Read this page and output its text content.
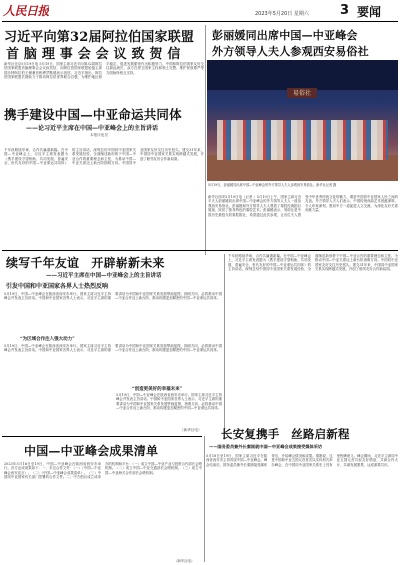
人民日报	2023年5月20日 星期六 3 要闻
习近平向第32届阿拉伯国家联盟
首 脑 理 事 会 会 议 致 贺 信
新华社北京5月19日电 5月19日，国家主席习近平向第32届阿拉伯国家联盟首脑理事会会议致贺信，向阿拉伯国家联盟轮值主席国沙特阿拉伯王储兼首相穆罕默德表示祝贺。习近平指出，阿拉伯国家联盟长期致力于推动阿拉伯世界联合自强，为维护地区和平稳定、促进发展繁荣作出积极努力。中国和阿拉伯国家友好交往源远流长，双方在捍卫国家主权和领土完整、维护民族尊严等方面始终相互支持。
彭丽媛同出席中国—中亚峰会
外方领导人夫人参观西安易俗社
易俗社
5月19日，彭丽媛同出席中国—中亚峰会的外方领导人夫人参观西安易俗社。新华社记者 摄
新华社西安5月19日电（记者 ）5月19日上午，国家主席习近平夫人彭丽媛同出席中国—中亚峰会的外方领导人夫人一道参观西安易俗社。彭丽媛和外方领导人夫人观看了秦腔经典剧目展演，欣赏了独具特色的秦腔艺术。彭丽媛表示，易俗社是中国历史最悠久的秦腔剧社，希望通过此次参观，让各位夫人感受中华优秀传统文化的魅力，增进中国同中亚国家人民之间的友谊。外方领导人夫人们表示，中国传统戏曲艺术底蕴深厚，令人印象深刻，愿同中方一道促进人文交流，为深化友好关系贡献力量。
携手建设中国—中亚命运共同体
——论习近平主席在中国—中亚峰会上的主旨讲话
本报评论员
千年丝路续华章，合作共赢谱新篇。在中国—中亚峰会上，习近平主席发表题为《携手建设守望相助、共同发展、普遍安全、世代友好的中国—中亚命运共同体》的主旨讲话，深刻总结中国同中亚国家关系发展经验，全面阐述新形势下中国—中亚合作的重要理念和主张，为推动中国—中亚关系迈上新台阶指明方向。中国同中亚国家友好交往历史悠久。建交31年来，中国同中亚国家关系实现跨越式发展，开创了睦邻友好合作新局面。
续写千年友谊　开辟崭新未来
——习近平主席在中国—中亚峰会上的主旨讲话
引发中国和中亚国家各界人士热烈反响
5月19日，中国—中亚峰会在陕西省西安市举行。国家主席习近平主持峰会并发表主旨讲话。中国和中亚国家各界人士表示，习近平主席的重要讲话为中国和中亚国家关系发展擘画蓝图，指明方向，必将推动中国—中亚合作迈上新台阶，推动构建更加紧密的中国—中亚命运共同体。
“为区域合作注入强大动力”
5月19日，中国—中亚峰会在陕西省西安市举行。国家主席习近平主持峰会并发表主旨讲话。中国和中亚国家各界人士表示，习近平主席的重要讲话为中国和中亚国家关系发展擘画蓝图，指明方向，必将推动中国—中亚合作迈上新台阶，推动构建更加紧密的中国—中亚命运共同体。
“创造更美好的幸福未来”
5月19日，中国—中亚峰会在陕西省西安市举行。国家主席习近平主持峰会并发表主旨讲话。中国和中亚国家各界人士表示，习近平主席的重要讲话为中国和中亚国家关系发展擘画蓝图，指明方向，必将推动中国—中亚合作迈上新台阶，推动构建更加紧密的中国—中亚命运共同体。
（新华社电）
千年丝路续华章，合作共赢谱新篇。在中国—中亚峰会上，习近平主席发表题为《携手建设守望相助、共同发展、普遍安全、世代友好的中国—中亚命运共同体》的主旨讲话，深刻总结中国同中亚国家关系发展经验，全面阐述新形势下中国—中亚合作的重要理念和主张，为推动中国—中亚关系迈上新台阶指明方向。中国同中亚国家友好交往历史悠久。建交31年来，中国同中亚国家关系实现跨越式发展，开创了睦邻友好合作新局面。
长安复携手　丝路启新程
——国务委员兼外长秦刚就中国—中亚峰会成果接受媒体采访
5月18日至19日，国家主席习近平在陕西省西安市主持首届中国—中亚峰会。峰会结束后，国务委员兼外长秦刚接受媒体采访，介绍峰会情况和成果。秦刚说，这是中国和中亚五国元首首次以实体形式举办峰会，在中国同中亚国家关系史上具有里程碑意义。峰会期间，习近平主席同中亚五国元首共叙友好情谊，共商合作大计，共谋发展愿景，达成重要共识。
中国—中亚峰会成果清单
2023年5月18日至19日，中国—中亚峰会在陕西省西安市举行。各方达成成果如下：一、多边合作文件：（一）《中国—中亚峰会西安宣言》。（二）《中国—中亚峰会成果清单》。（三）中国同中亚国家有关部门签署的合作文件。二、中方倡议成立或举办的机制和平台：（一）成立中国—中亚产业与投资合作部长会晤机制。（二）成立中国—中亚交通部长会晤机制。（三）成立中国—中亚海关合作部长会晤机制。
（新华社电）
